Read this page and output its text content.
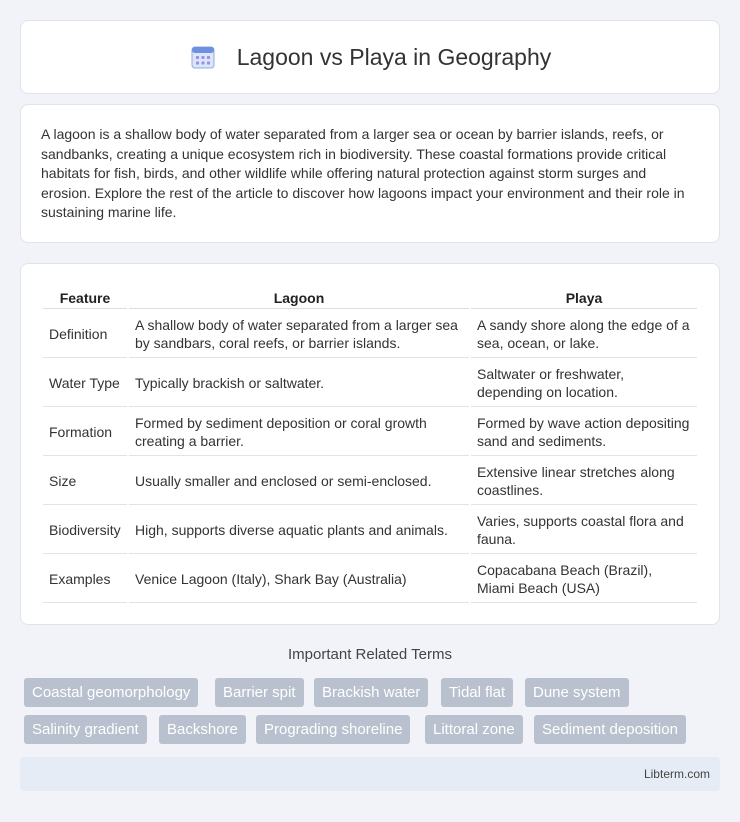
Lagoon vs Playa in Geography

A lagoon is a shallow body of water separated from a larger sea or ocean by barrier islands, reefs, or sandbanks, creating a unique ecosystem rich in biodiversity. These coastal formations provide critical habitats for fish, birds, and other wildlife while offering natural protection against storm surges and erosion. Explore the rest of the article to discover how lagoons impact your environment and their role in sustaining marine life.

Feature	Lagoon	Playa
Definition	A shallow body of water separated from a larger sea by sandbars, coral reefs, or barrier islands.	A sandy shore along the edge of a sea, ocean, or lake.
Water Type	Typically brackish or saltwater.	Saltwater or freshwater, depending on location.
Formation	Formed by sediment deposition or coral growth creating a barrier.	Formed by wave action depositing sand and sediments.
Size	Usually smaller and enclosed or semi-enclosed.	Extensive linear stretches along coastlines.
Biodiversity	High, supports diverse aquatic plants and animals.	Varies, supports coastal flora and fauna.
Examples	Venice Lagoon (Italy), Shark Bay (Australia)	Copacabana Beach (Brazil), Miami Beach (USA)
Important Related Terms
Coastal geomorphology	Barrier spit	Brackish water	Tidal flat	Dune system
Salinity gradient	Backshore	Prograding shoreline	Littoral zone	Sediment deposition
Libterm.com
